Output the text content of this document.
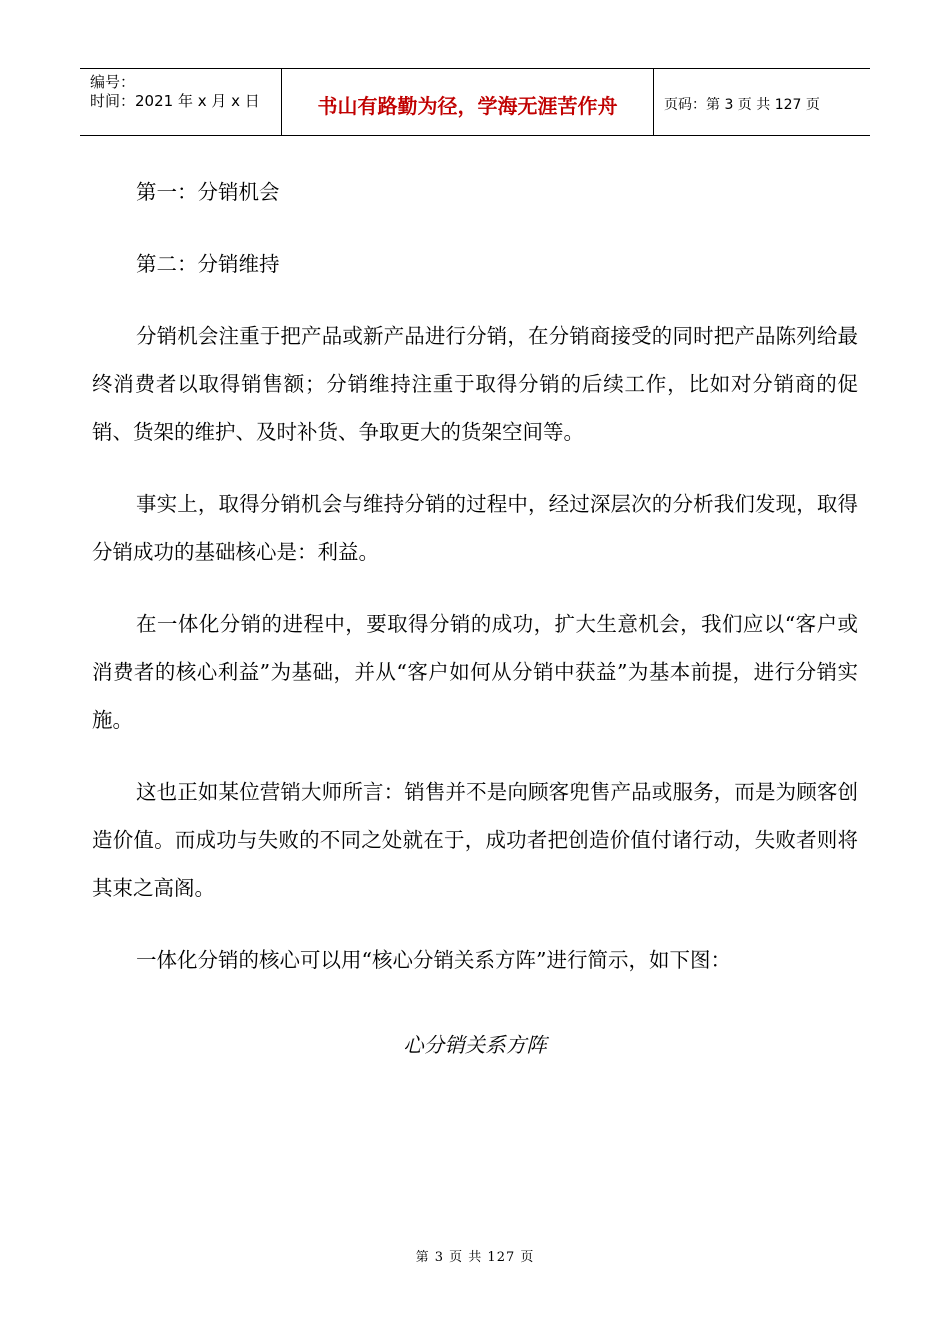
编号：
时间：2021 年 x 月 x 日	书山有路勤为径，学海无涯苦作舟	页码：第 3 页 共 127 页

第一：分销机会

第二：分销维持

分销机会注重于把产品或新产品进行分销，在分销商接受的同时把产品陈列给最终消费者以取得销售额；分销维持注重于取得分销的后续工作，比如对分销商的促销、货架的维护、及时补货、争取更大的货架空间等。

事实上，取得分销机会与维持分销的过程中，经过深层次的分析我们发现，取得分销成功的基础核心是：利益。

在一体化分销的进程中，要取得分销的成功，扩大生意机会，我们应以“客户或消费者的核心利益”为基础，并从“客户如何从分销中获益”为基本前提，进行分销实施。

这也正如某位营销大师所言：销售并不是向顾客兜售产品或服务，而是为顾客创造价值。而成功与失败的不同之处就在于，成功者把创造价值付诸行动，失败者则将其束之高阁。

一体化分销的核心可以用“核心分销关系方阵”进行简示，如下图：

心分销关系方阵
第 3 页 共 127 页
